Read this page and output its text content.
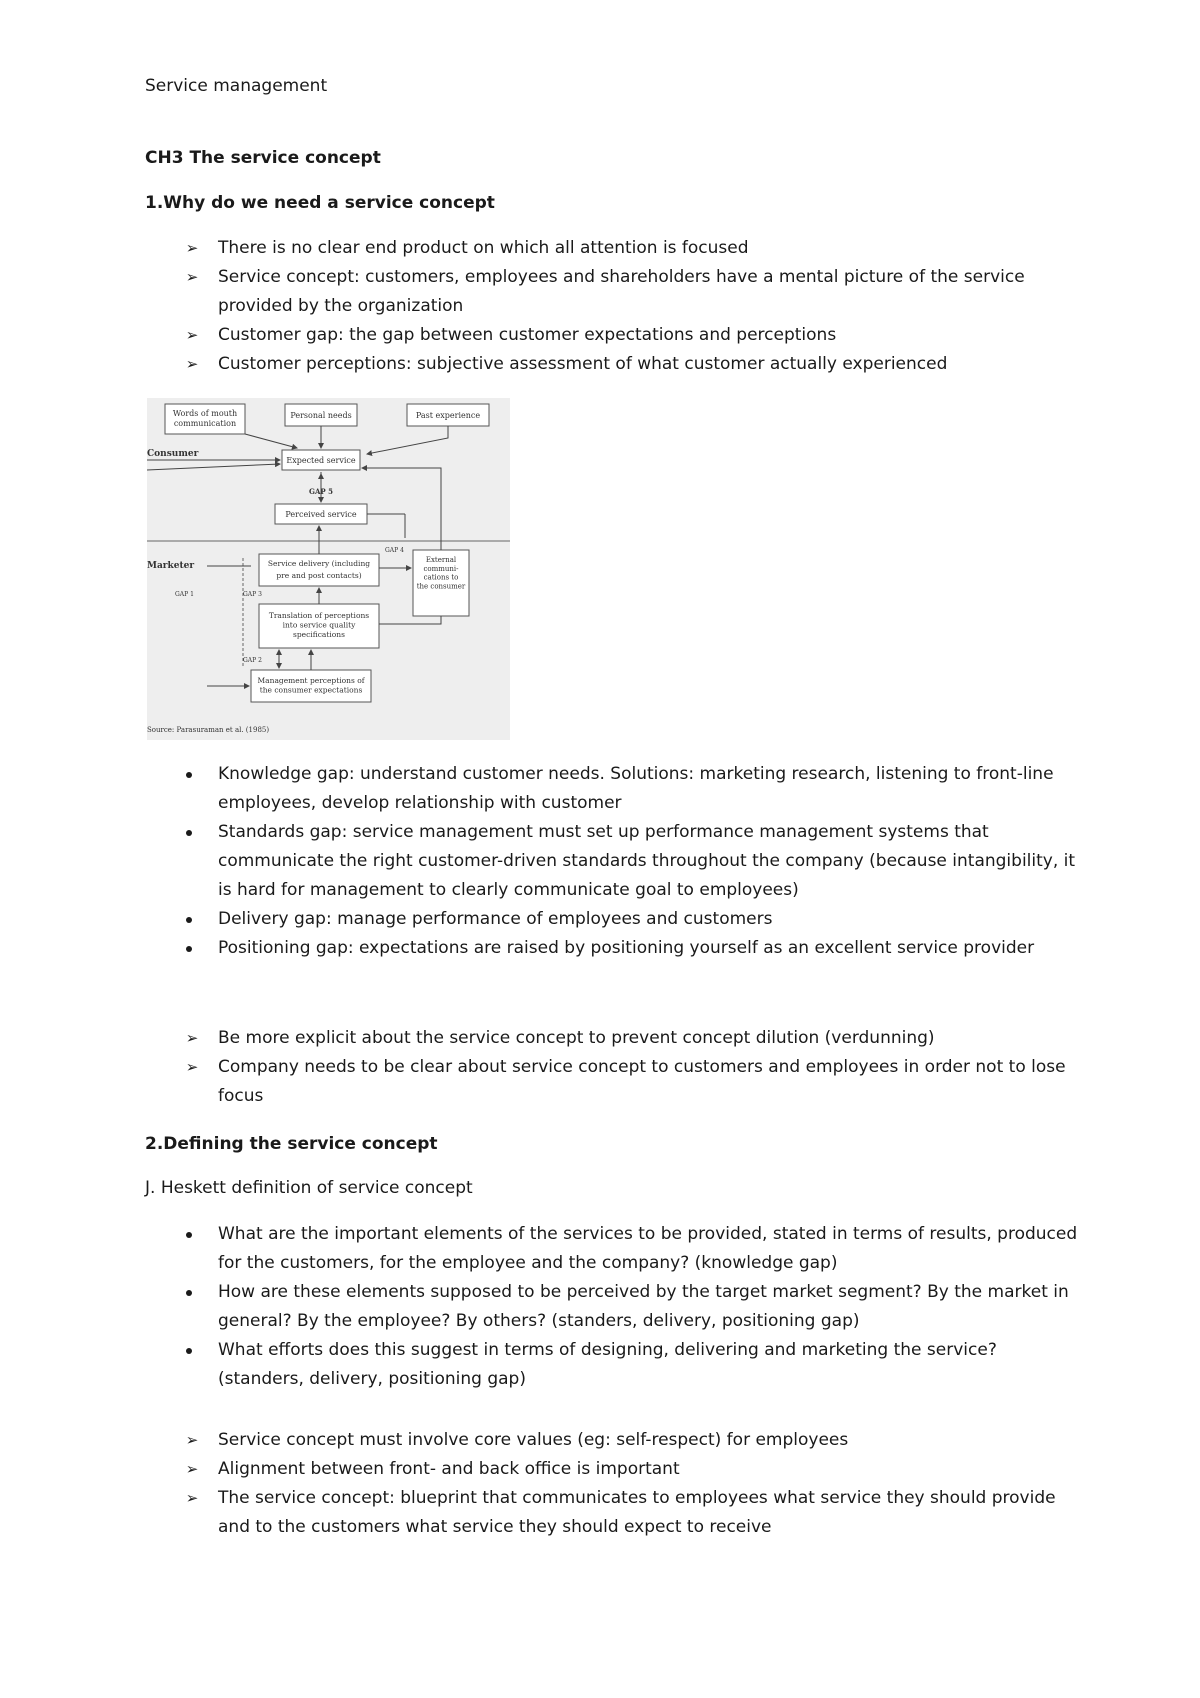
Service management

CH3 The service concept

1.Why do we need a service concept

➢	There is no clear end product on which all attention is focused
➢	Service concept: customers, employees and shareholders have a mental picture of the service provided by the organization
➢	Customer gap: the gap between customer expectations and perceptions
➢	Customer perceptions: subjective assessment of what customer actually experienced
Words of mouth communication
Personal needs	Past experience
Consumer
Expected service
GAP 5
Perceived service
Marketer
GAP 4
Service delivery (including
pre and post contacts)
External communi-cations to the consumer
GAP 1	GAP 3
Translation of perceptions into service quality specifications
GAP 2
Management perceptions of the consumer expectations
Source: Parasuraman et al. (1985)
Knowledge gap: understand customer needs. Solutions: marketing research, listening to front-line employees, develop relationship with customer
Standards gap: service management must set up performance management systems that communicate the right customer-driven standards throughout the company (because intangibility, it is hard for management to clearly communicate goal to employees)
Delivery gap: manage performance of employees and customers
Positioning gap: expectations are raised by positioning yourself as an excellent service provider
➢	Be more explicit about the service concept to prevent concept dilution (verdunning)
➢	Company needs to be clear about service concept to customers and employees in order not to lose focus

2.Defining the service concept

J. Heskett definition of service concept

What are the important elements of the services to be provided, stated in terms of results, produced for the customers, for the employee and the company? (knowledge gap)
How are these elements supposed to be perceived by the target market segment? By the market in general? By the employee? By others? (standers, delivery, positioning gap)
What efforts does this suggest in terms of designing, delivering and marketing the service? (standers, delivery, positioning gap)
➢	Service concept must involve core values (eg: self-respect) for employees
➢	Alignment between front- and back office is important
➢	The service concept: blueprint that communicates to employees what service they should provide and to the customers what service they should expect to receive
